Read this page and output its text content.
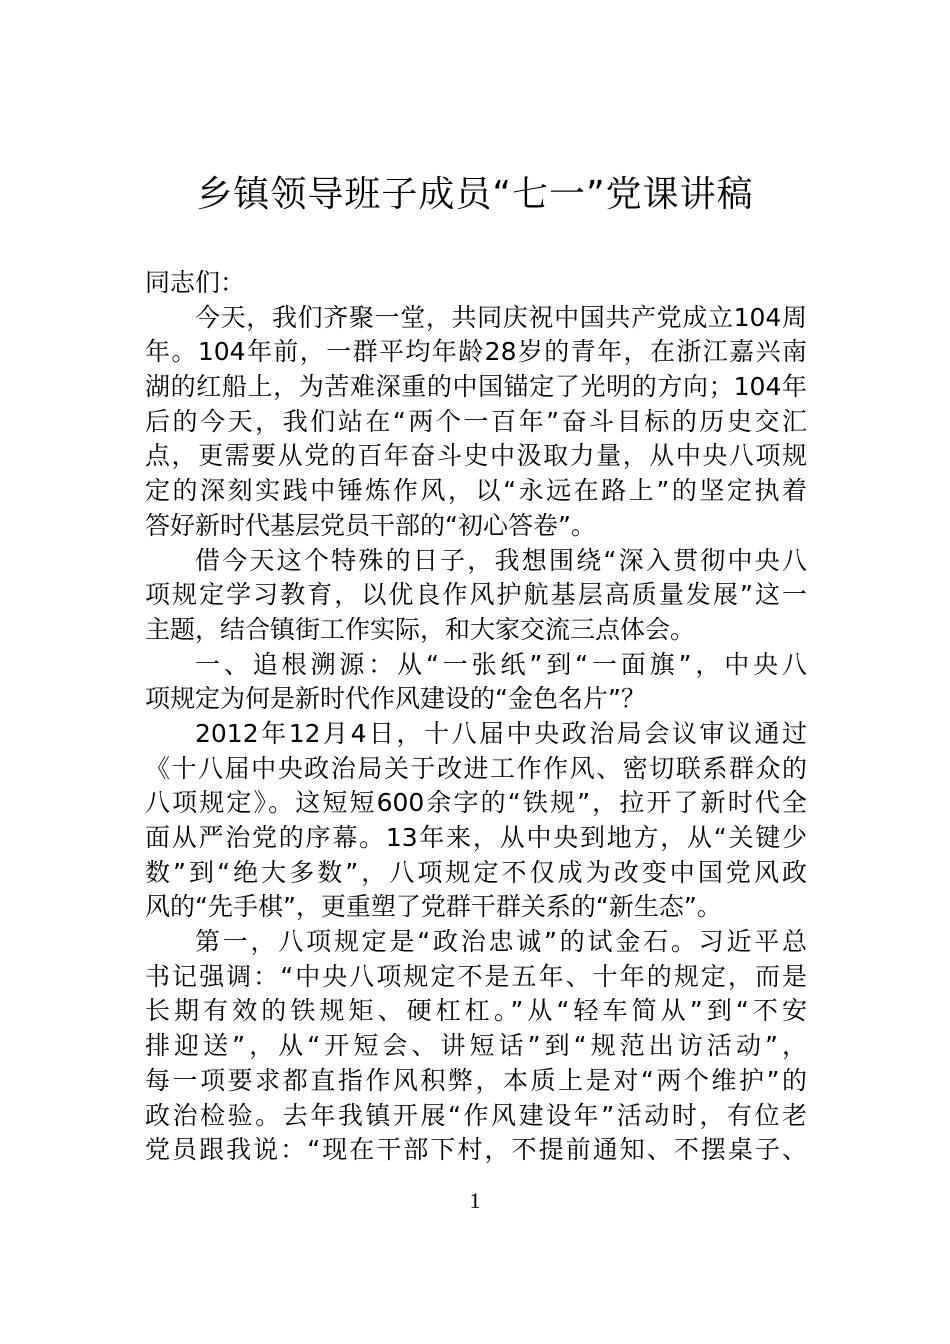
乡镇领导班子成员“七一”党课讲稿
同志们：
今天，我们齐聚一堂，共同庆祝中国共产党成立104周
年。104年前，一群平均年龄28岁的青年，在浙江嘉兴南
湖的红船上，为苦难深重的中国锚定了光明的方向；104年
后的今天，我们站在“两个一百年”奋斗目标的历史交汇
点，更需要从党的百年奋斗史中汲取力量，从中央八项规
定的深刻实践中锤炼作风，以“永远在路上”的坚定执着
答好新时代基层党员干部的“初心答卷”。
借今天这个特殊的日子，我想围绕“深入贯彻中央八
项规定学习教育，以优良作风护航基层高质量发展”这一
主题，结合镇街工作实际，和大家交流三点体会。
一、追根溯源：从“一张纸”到“一面旗”，中央八
项规定为何是新时代作风建设的“金色名片”？
2012年12月4日，十八届中央政治局会议审议通过
《十八届中央政治局关于改进工作作风、密切联系群众的
八项规定》。这短短600余字的“铁规”，拉开了新时代全
面从严治党的序幕。13年来，从中央到地方，从“关键少
数”到“绝大多数”，八项规定不仅成为改变中国党风政
风的“先手棋”，更重塑了党群干群关系的“新生态”。
第一，八项规定是“政治忠诚”的试金石。习近平总
书记强调：“中央八项规定不是五年、十年的规定，而是
长期有效的铁规矩、硬杠杠。”从“轻车简从”到“不安
排迎送”，从“开短会、讲短话”到“规范出访活动”，
每一项要求都直指作风积弊，本质上是对“两个维护”的
政治检验。去年我镇开展“作风建设年”活动时，有位老
党员跟我说：“现在干部下村，不提前通知、不摆桌子、
1
